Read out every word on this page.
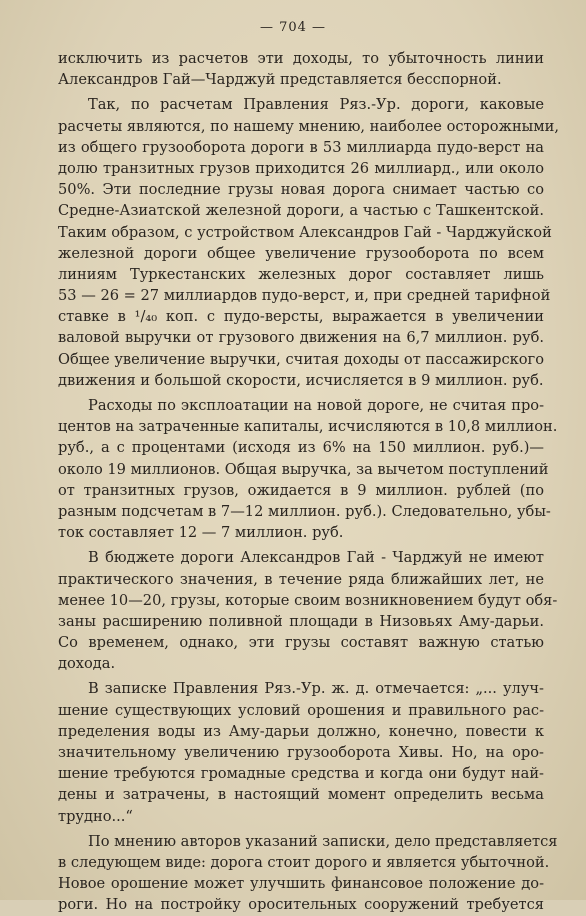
— 704 —
исключить из расчетов эти доходы, то убыточность линии
Александров Гай—Чарджуй представляется бесспорной.
Так, по расчетам Правления Ряз.-Ур. дороги, каковые
расчеты являются, по нашему мнению, наиболее осторожными,
из общего грузооборота дороги в 53 миллиарда пудо-верст на
долю транзитных грузов приходится 26 миллиард., или около
50%. Эти последние грузы новая дорога снимает частью со
Средне-Азиатской железной дороги, а частью с Ташкентской.
Таким образом, с устройством Александров Гай - Чарджуйской
железной дороги общее увеличение грузооборота по всем
линиям Туркестанских железных дорог составляет лишь
53 — 26 = 27 миллиардов пудо-верст, и, при средней тарифной
ставке в ¹/₄₀ коп. с пудо-версты, выражается в увеличении
валовой выручки от грузового движения на 6,7 миллион. руб.
Общее увеличение выручки, считая доходы от пассажирского
движения и большой скорости, исчисляется в 9 миллион. руб.
Расходы по эксплоатации на новой дороге, не считая про-
центов на затраченные капиталы, исчисляются в 10,8 миллион.
руб., а с процентами (исходя из 6% на 150 миллион. руб.)—
около 19 миллионов. Общая выручка, за вычетом поступлений
от транзитных грузов, ожидается в 9 миллион. рублей (по
разным подсчетам в 7—12 миллион. руб.). Следовательно, убы-
ток составляет 12 — 7 миллион. руб.
В бюджете дороги Александров Гай - Чарджуй не имеют
практического значения, в течение ряда ближайших лет, не
менее 10—20, грузы, которые своим возникновением будут обя-
заны расширению поливной площади в Низовьях Аму-дарьи.
Со временем, однако, эти грузы составят важную статью
дохода.
В записке Правления Ряз.-Ур. ж. д. отмечается: „... улуч-
шение существующих условий орошения и правильного рас-
пределения воды из Аму-дарьи должно, конечно, повести к
значительному увеличению грузооборота Хивы. Но, на оро-
шение требуются громадные средства и когда они будут най-
дены и затрачены, в настоящий момент определить весьма
трудно...“
По мнению авторов указаний записки, дело представляется
в следующем виде: дорога стоит дорого и является убыточной.
Новое орошение может улучшить финансовое положение до-
роги. Но на постройку оросительных сооружений требуется
